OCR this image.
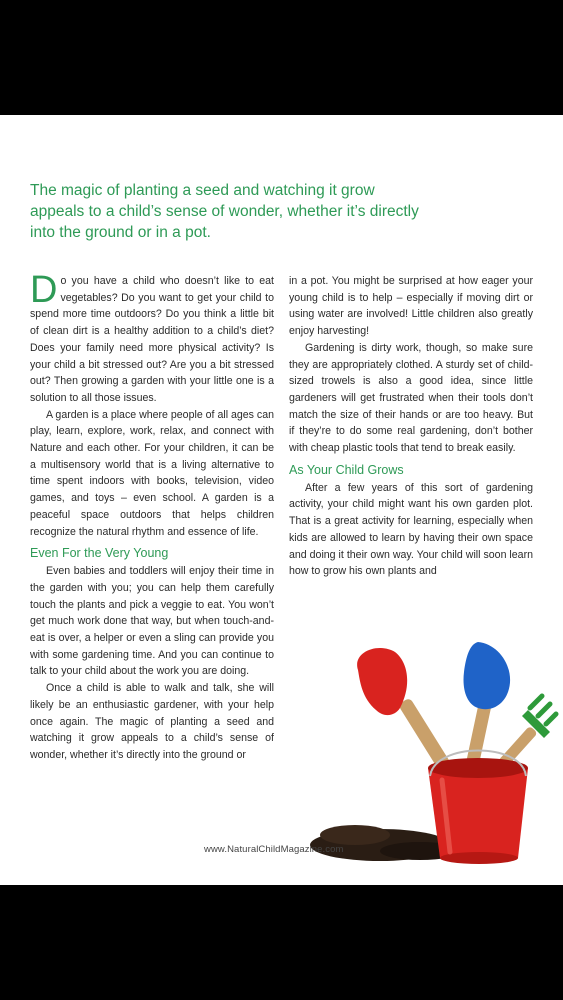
The magic of planting a seed and watching it grow appeals to a child’s sense of wonder, whether it’s directly into the ground or in a pot.

Do you have a child who doesn’t like to eat vegetables? Do you want to get your child to spend more time outdoors? Do you think a little bit of clean dirt is a healthy addition to a child’s diet? Does your family need more physical activity? Is your child a bit stressed out? Are you a bit stressed out? Then growing a garden with your little one is a solution to all those issues.

A garden is a place where people of all ages can play, learn, explore, work, relax, and connect with Nature and each other. For your children, it can be a multisensory world that is a living alternative to time spent indoors with books, television, video games, and toys – even school. A garden is a peaceful space outdoors that helps children recognize the natural rhythm and essence of life.

Even For the Very Young

Even babies and toddlers will enjoy their time in the garden with you; you can help them carefully touch the plants and pick a veggie to eat. You won’t get much work done that way, but when touch-and-eat is over, a helper or even a sling can provide you with some gardening time. And you can continue to talk to your child about the work you are doing.

Once a child is able to walk and talk, she will likely be an enthusiastic gardener, with your help once again. The magic of planting a seed and watching it grow appeals to a child’s sense of wonder, whether it’s directly into the ground or

in a pot. You might be surprised at how eager your young child is to help – especially if moving dirt or using water are involved! Little children also greatly enjoy harvesting!

Gardening is dirty work, though, so make sure they are appropriately clothed. A sturdy set of child-sized trowels is also a good idea, since little gardeners will get frustrated when their tools don’t match the size of their hands or are too heavy. But if they’re to do some real gardening, don’t bother with cheap plastic tools that tend to break easily.

As Your Child Grows

After a few years of this sort of gardening activity, your child might want his own garden plot. That is a great activity for learning, especially when kids are allowed to learn by having their own space and doing it their own way. Your child will soon learn how to grow his own plants and

www.NaturalChildMagazine.com
